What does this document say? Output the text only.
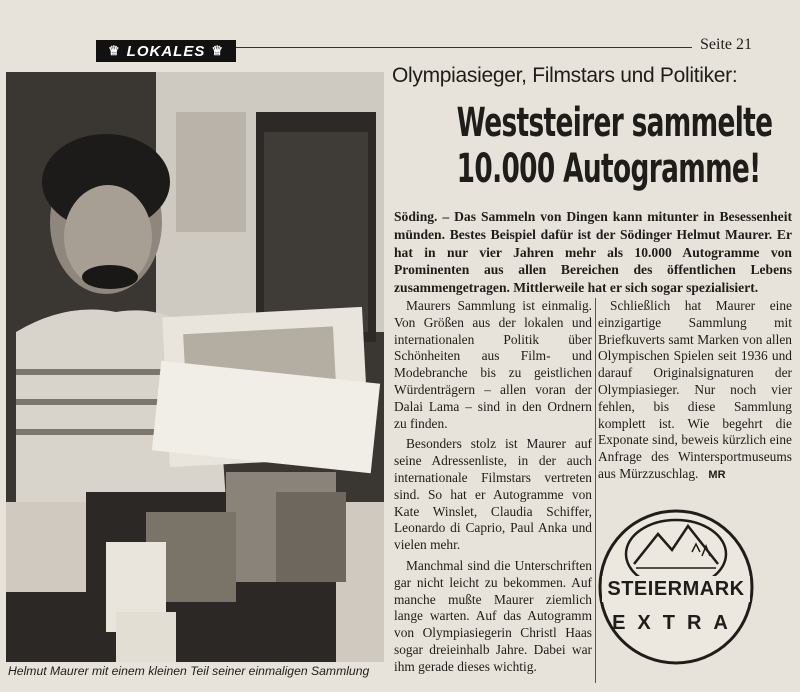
♕ LOKALES ♕	Seite 21
Helmut Maurer mit einem kleinen Teil seiner einmaligen Sammlung
Olympiasieger, Filmstars und Politiker:
Weststeirer sammelte
10.000 Autogramme!
Söding. – Das Sammeln von Dingen kann mitunter in Besessenheit münden. Bestes Beispiel dafür ist der Södinger Helmut Maurer. Er hat in nur vier Jahren mehr als 10.000 Autogramme von Prominenten aus allen Bereichen des öffentlichen Lebens zusammengetragen. Mittlerweile hat er sich sogar spezialisiert.

Maurers Sammlung ist einmalig. Von Größen aus der lokalen und internationalen Politik über Schönheiten aus Film- und Modebranche bis zu geistlichen Würdenträgern – allen voran der Dalai Lama – sind in den Ordnern zu finden.

Besonders stolz ist Maurer auf seine Adressenliste, in der auch internationale Filmstars vertreten sind. So hat er Autogramme von Kate Winslet, Claudia Schiffer, Leonardo di Caprio, Paul Anka und vielen mehr.

Manchmal sind die Unterschriften gar nicht leicht zu bekommen. Auf manche mußte Maurer ziemlich lange warten. Auf das Autogramm von Olympiasiegerin Christl Haas sogar dreieinhalb Jahre. Dabei war ihm gerade dieses wichtig.

Schließlich hat Maurer eine einzigartige Sammlung mit Briefkuverts samt Marken von allen Olympischen Spielen seit 1936 und darauf Originalsignaturen der Olympiasieger. Nur noch vier fehlen, bis diese Sammlung komplett ist. Wie begehrt die Exponate sind, beweis kürzlich eine Anfrage des Wintersportmuseums aus Mürzzuschlag. MR

STEIERMARK
EXTRA
